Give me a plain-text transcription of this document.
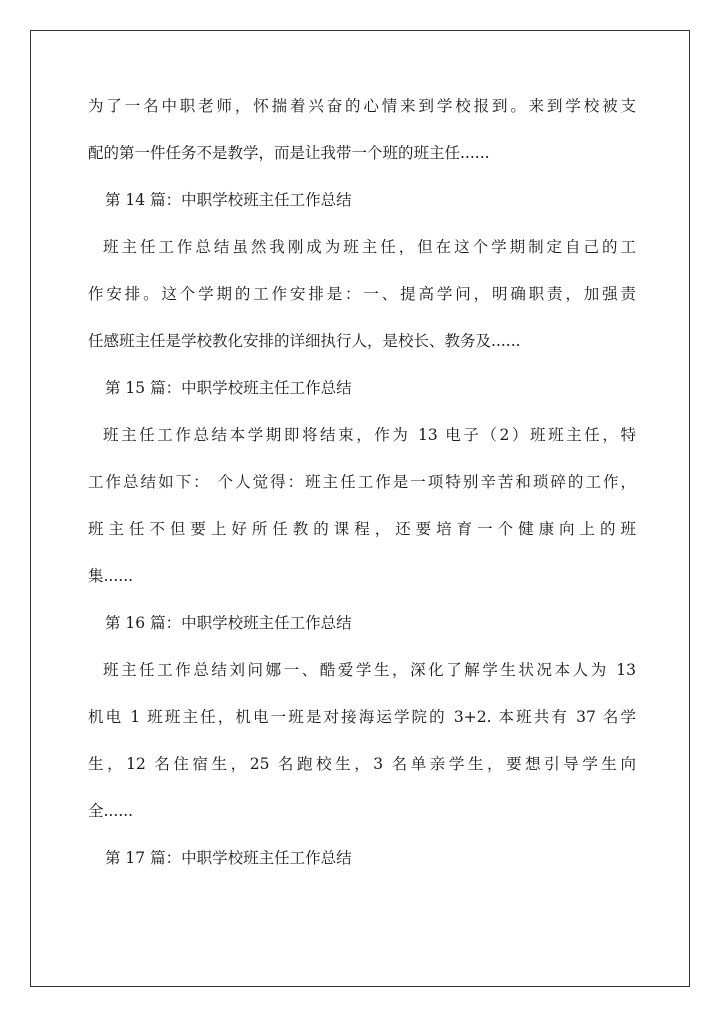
为了一名中职老师，怀揣着兴奋的心情来到学校报到。来到学校被支
配的第一件任务不是教学，而是让我带一个班的班主任......
第 14 篇：中职学校班主任工作总结
班主任工作总结虽然我刚成为班主任，但在这个学期制定自己的工
作安排。这个学期的工作安排是：一、提高学问，明确职责，加强责
任感班主任是学校教化安排的详细执行人，是校长、教务及......
第 15 篇：中职学校班主任工作总结
班主任工作总结本学期即将结束，作为 13 电子（2）班班主任，特
工作总结如下： 个人觉得：班主任工作是一项特别辛苦和琐碎的工作，
班主任不但要上好所任教的课程，还要培育一个健康向上的班
集......
第 16 篇：中职学校班主任工作总结
班主任工作总结刘问娜一、酷爱学生，深化了解学生状况本人为 13
机电 1 班班主任，机电一班是对接海运学院的 3+2. 本班共有 37 名学
生，12 名住宿生，25 名跑校生，3 名单亲学生，要想引导学生向
全......
第 17 篇：中职学校班主任工作总结
